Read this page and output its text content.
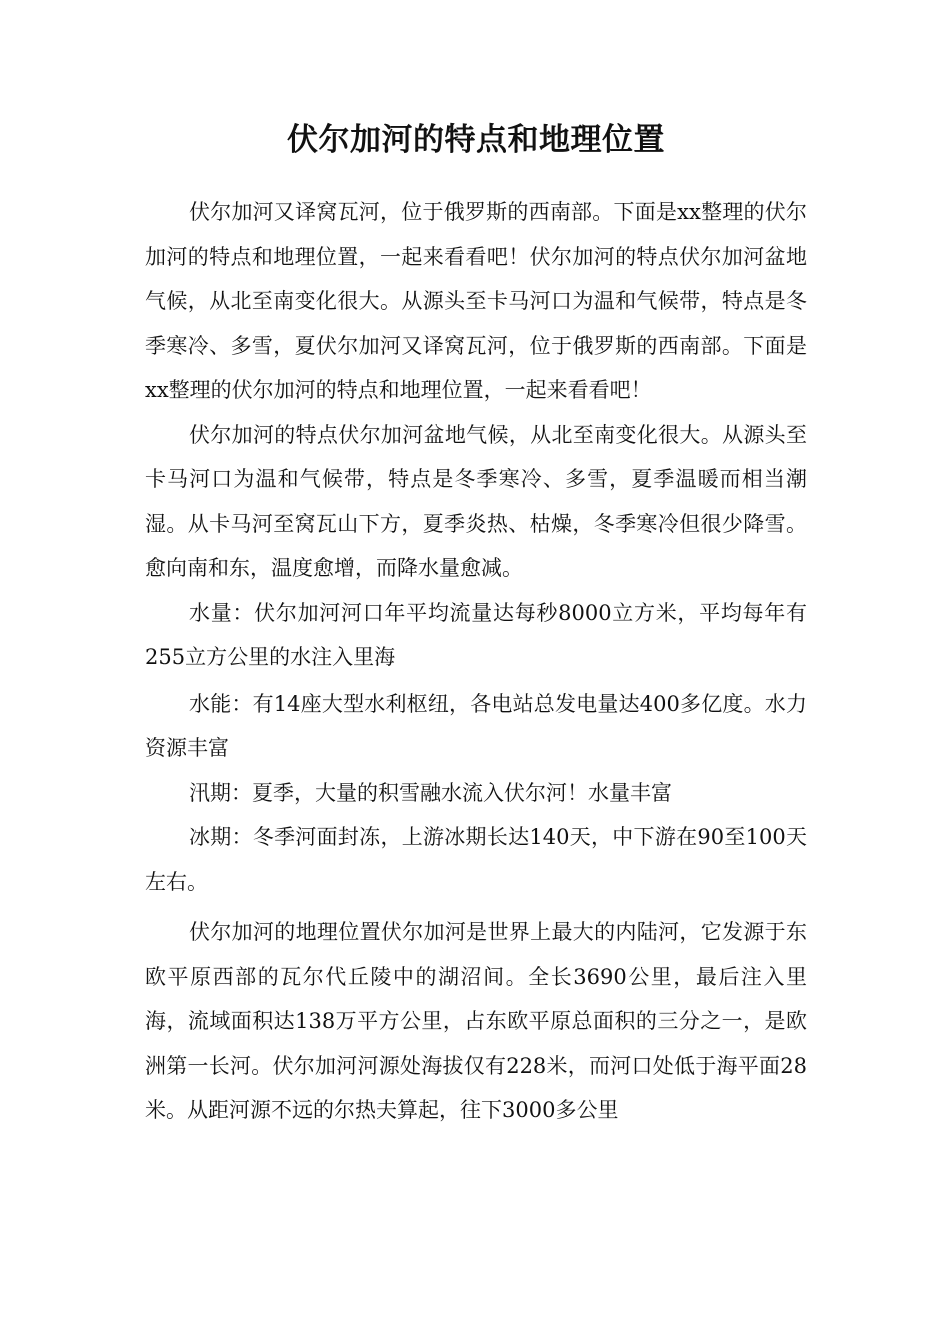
伏尔加河的特点和地理位置

伏尔加河又译窝瓦河，位于俄罗斯的西南部。下面是xx整理的伏尔加河的特点和地理位置，一起来看看吧！伏尔加河的特点伏尔加河盆地气候，从北至南变化很大。从源头至卡马河口为温和气候带，特点是冬季寒冷、多雪，夏伏尔加河又译窝瓦河，位于俄罗斯的西南部。下面是xx整理的伏尔加河的特点和地理位置，一起来看看吧！

伏尔加河的特点伏尔加河盆地气候，从北至南变化很大。从源头至卡马河口为温和气候带，特点是冬季寒冷、多雪，夏季温暖而相当潮湿。从卡马河至窝瓦山下方，夏季炎热、枯燥，冬季寒冷但很少降雪。愈向南和东，温度愈增，而降水量愈减。

水量：伏尔加河河口年平均流量达每秒8000立方米，平均每年有255立方公里的水注入里海

水能：有14座大型水利枢纽，各电站总发电量达400多亿度。水力资源丰富

汛期：夏季，大量的积雪融水流入伏尔河！水量丰富

冰期：冬季河面封冻，上游冰期长达140天，中下游在90至100天左右。

伏尔加河的地理位置伏尔加河是世界上最大的内陆河，它发源于东欧平原西部的瓦尔代丘陵中的湖沼间。全长3690公里，最后注入里海，流域面积达138万平方公里，占东欧平原总面积的三分之一，是欧洲第一长河。伏尔加河河源处海拔仅有228米，而河口处低于海平面28米。从距河源不远的尔热夫算起，往下3000多公里
